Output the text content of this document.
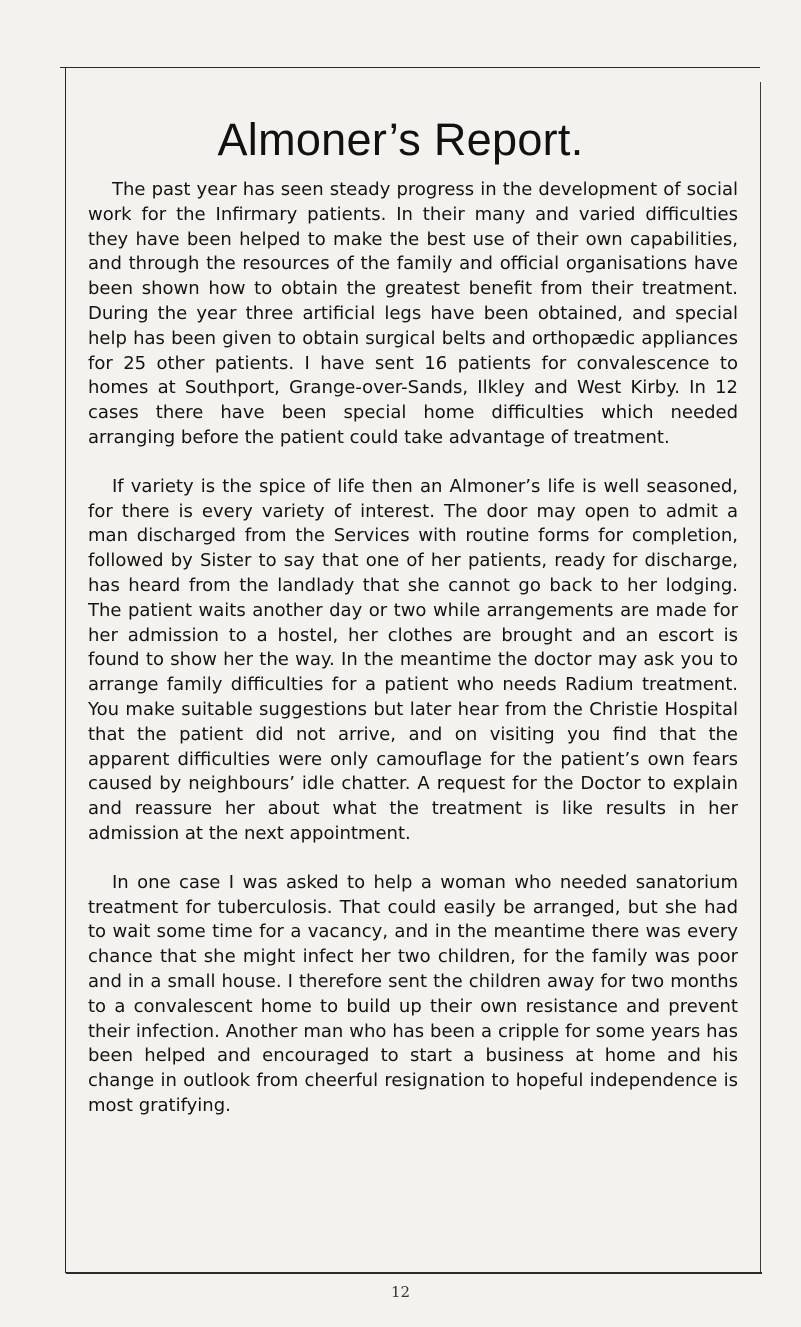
Almoner’s Report.

The past year has seen steady progress in the development of social work for the Infirmary patients. In their many and varied difficulties they have been helped to make the best use of their own capabilities, and through the resources of the family and official organisations have been shown how to obtain the greatest benefit from their treatment. During the year three artificial legs have been obtained, and special help has been given to obtain surgical belts and orthopædic appliances for 25 other patients. I have sent 16 patients for convalescence to homes at Southport, Grange-over-Sands, Ilkley and West Kirby. In 12 cases there have been special home difficulties which needed arranging before the patient could take advantage of treatment.

If variety is the spice of life then an Almoner’s life is well seasoned, for there is every variety of interest. The door may open to admit a man discharged from the Services with routine forms for completion, followed by Sister to say that one of her patients, ready for discharge, has heard from the landlady that she cannot go back to her lodging. The patient waits another day or two while arrangements are made for her admission to a hostel, her clothes are brought and an escort is found to show her the way. In the meantime the doctor may ask you to arrange family difficulties for a patient who needs Radium treatment. You make suitable suggestions but later hear from the Christie Hospital that the patient did not arrive, and on visiting you find that the apparent difficulties were only camouflage for the patient’s own fears caused by neighbours’ idle chatter. A request for the Doctor to explain and reassure her about what the treatment is like results in her admission at the next appointment.

In one case I was asked to help a woman who needed sanatorium treatment for tuberculosis. That could easily be arranged, but she had to wait some time for a vacancy, and in the meantime there was every chance that she might infect her two children, for the family was poor and in a small house. I therefore sent the children away for two months to a convalescent home to build up their own resistance and prevent their infection. Another man who has been a cripple for some years has been helped and encouraged to start a business at home and his change in outlook from cheerful resignation to hopeful independence is most gratifying.

12
